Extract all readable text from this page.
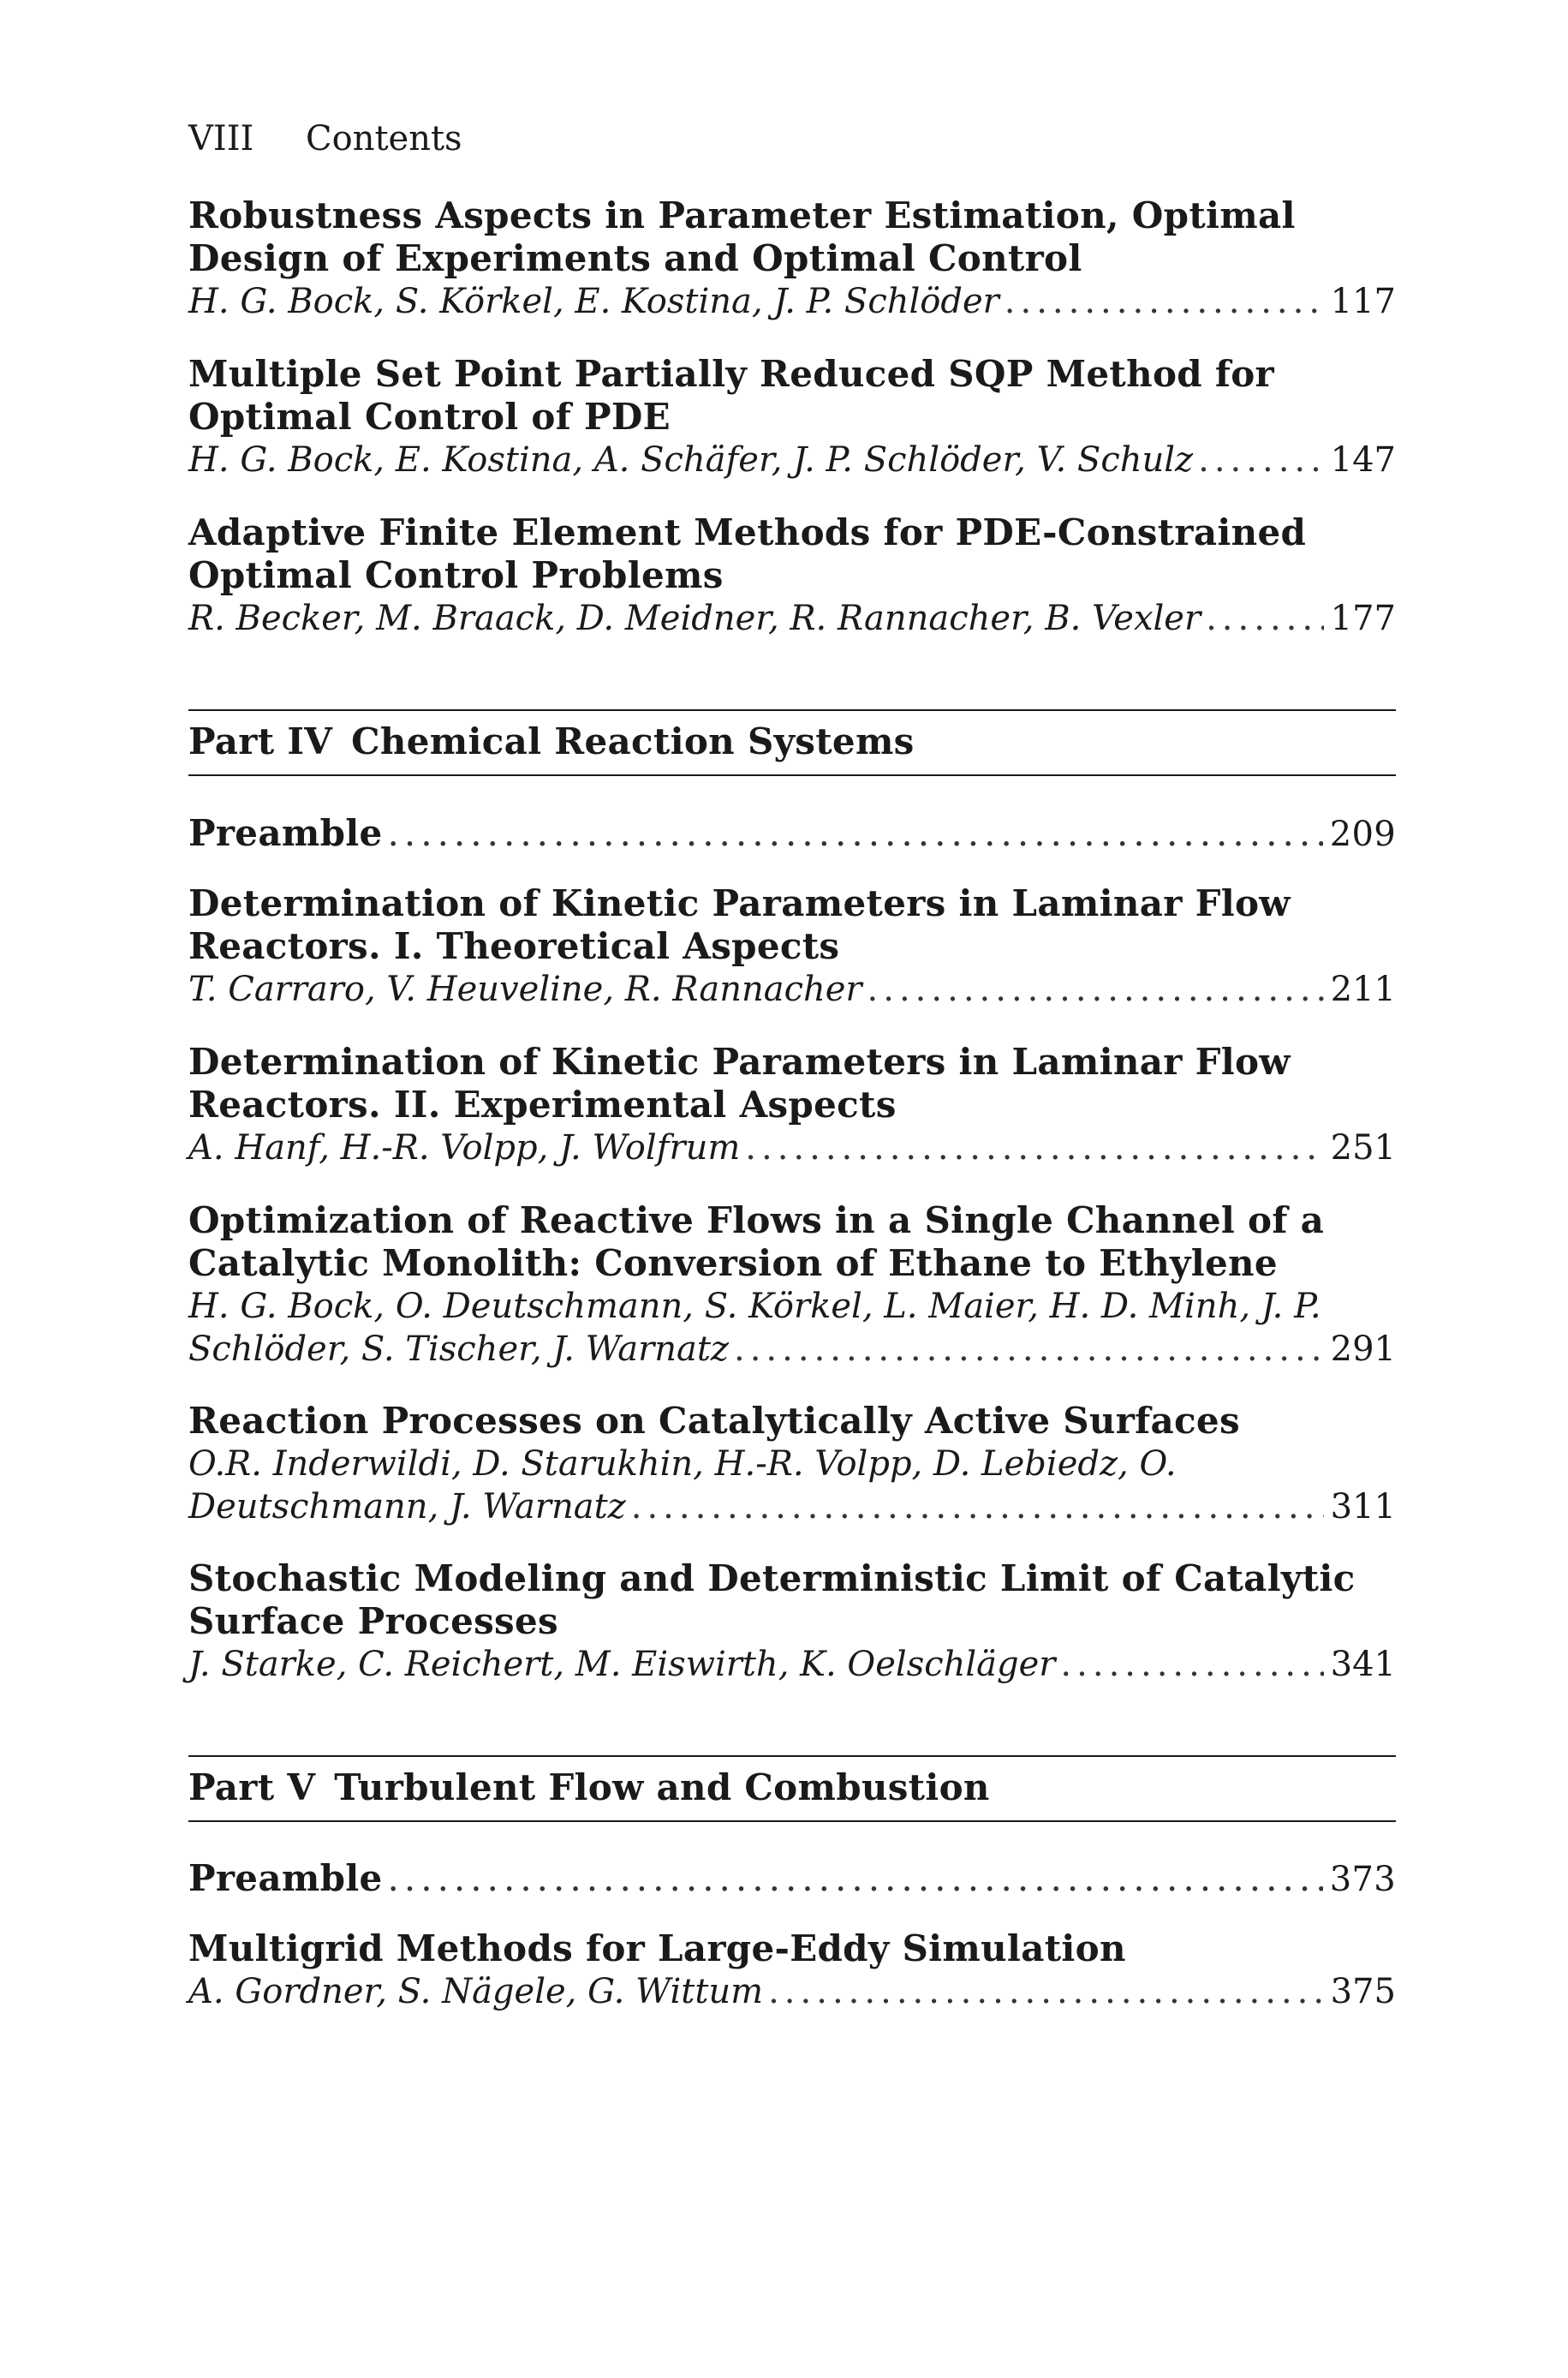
VIII Contents
Robustness Aspects in Parameter Estimation, Optimal
Design of Experiments and Optimal Control
H. G. Bock, S. Körkel, E. Kostina, J. P. Schlöder .....	117
Multiple Set Point Partially Reduced SQP Method for
Optimal Control of PDE
H. G. Bock, E. Kostina, A. Schäfer, J. P. Schlöder, V. Schulz .....	147
Adaptive Finite Element Methods for PDE-Constrained
Optimal Control Problems
R. Becker, M. Braack, D. Meidner, R. Rannacher, B. Vexler .....	177
Part IV Chemical Reaction Systems
Preamble .....	209
Determination of Kinetic Parameters in Laminar Flow
Reactors. I. Theoretical Aspects
T. Carraro, V. Heuveline, R. Rannacher .....	211
Determination of Kinetic Parameters in Laminar Flow
Reactors. II. Experimental Aspects
A. Hanf, H.-R. Volpp, J. Wolfrum .....	251
Optimization of Reactive Flows in a Single Channel of a
Catalytic Monolith: Conversion of Ethane to Ethylene
H. G. Bock, O. Deutschmann, S. Körkel, L. Maier, H. D. Minh, J. P.
Schlöder, S. Tischer, J. Warnatz .....	291
Reaction Processes on Catalytically Active Surfaces
O.R. Inderwildi, D. Starukhin, H.-R. Volpp, D. Lebiedz, O.
Deutschmann, J. Warnatz .....	311
Stochastic Modeling and Deterministic Limit of Catalytic
Surface Processes
J. Starke, C. Reichert, M. Eiswirth, K. Oelschläger .....	341
Part V Turbulent Flow and Combustion
Preamble .....	373
Multigrid Methods for Large-Eddy Simulation
A. Gordner, S. Nägele, G. Wittum .....	375
